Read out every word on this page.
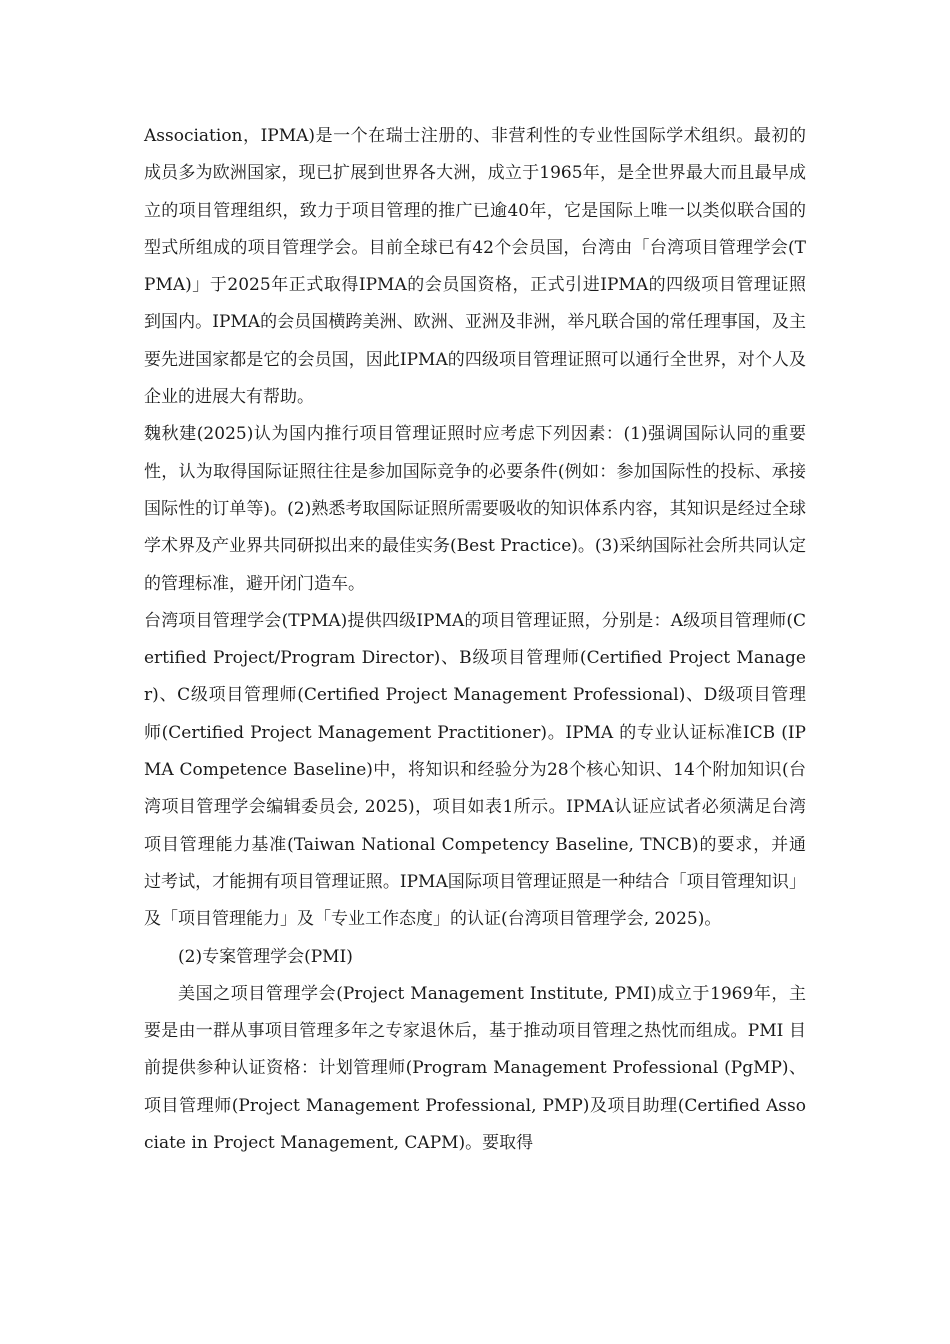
Association，IPMA)是一个在瑞士注册的、非营利性的专业性国际学术组织。最初的成员多为欧洲国家，现已扩展到世界各大洲，成立于1965年，是全世界最大而且最早成立的项目管理组织，致力于项目管理的推广已逾40年，它是国际上唯一以类似联合国的型式所组成的项目管理学会。目前全球已有42个会员国，台湾由「台湾项目管理学会(TPMA)」于2025年正式取得IPMA的会员国资格，正式引进IPMA的四级项目管理证照到国内。IPMA的会员国横跨美洲、欧洲、亚洲及非洲，举凡联合国的常任理事国，及主要先进国家都是它的会员国，因此IPMA的四级项目管理证照可以通行全世界，对个人及企业的进展大有帮助。

魏秋建(2025)认为国内推行项目管理证照时应考虑下列因素：(1)强调国际认同的重要性，认为取得国际证照往往是参加国际竞争的必要条件(例如：参加国际性的投标、承接国际性的订单等)。(2)熟悉考取国际证照所需要吸收的知识体系内容，其知识是经过全球学术界及产业界共同研拟出来的最佳实务(Best Practice)。(3)采纳国际社会所共同认定的管理标准，避开闭门造车。

台湾项目管理学会(TPMA)提供四级IPMA的项目管理证照，分别是：A级项目管理师(Certified Project/Program Director)、B级项目管理师(Certified Project Manager)、C级项目管理师(Certified Project Management Professional)、D级项目管理师(Certified Project Management Practitioner)。IPMA 的专业认证标准ICB (IPMA Competence Baseline)中，将知识和经验分为28个核心知识、14个附加知识(台湾项目管理学会编辑委员会, 2025)，项目如表1所示。IPMA认证应试者必须满足台湾项目管理能力基准(Taiwan National Competency Baseline, TNCB)的要求，并通过考试，才能拥有项目管理证照。IPMA国际项目管理证照是一种结合「项目管理知识」及「项目管理能力」及「专业工作态度」的认证(台湾项目管理学会, 2025)。

(2)专案管理学会(PMI)

美国之项目管理学会(Project Management Institute, PMI)成立于1969年，主要是由一群从事项目管理多年之专家退休后，基于推动项目管理之热忱而组成。PMI 目前提供参种认证资格：计划管理师(Program Management Professional (PgMP)、项目管理师(Project Management Professional, PMP)及项目助理(Certified Associate in Project Management, CAPM)。要取得
